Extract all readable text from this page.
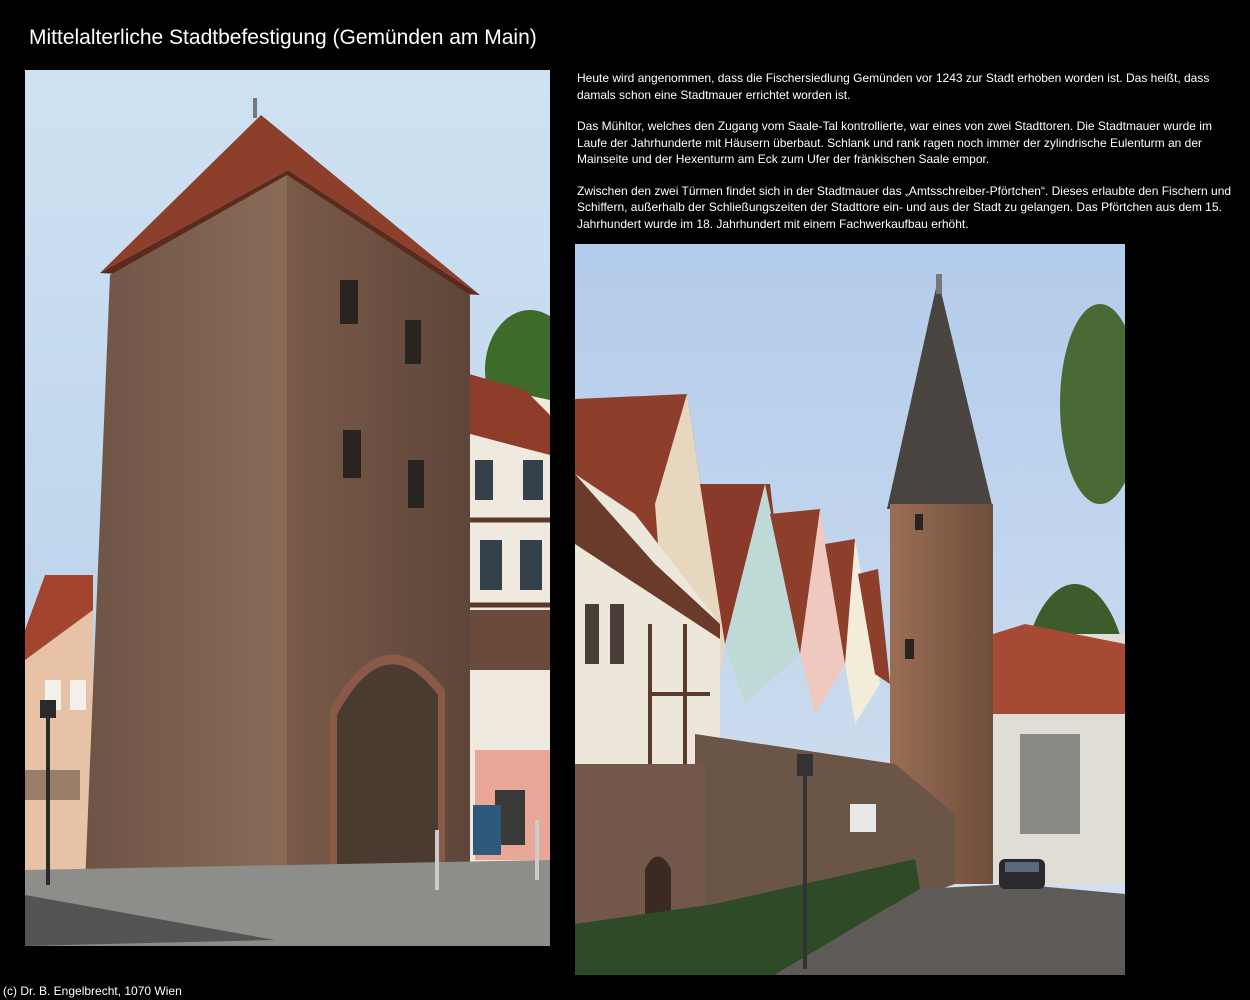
Mittelalterliche Stadtbefestigung (Gemünden am Main)

Heute wird angenommen, dass die Fischersiedlung Gemünden vor 1243 zur Stadt erhoben worden ist. Das heißt, dass damals schon eine Stadtmauer errichtet worden ist.

Das Mühltor, welches den Zugang vom Saale-Tal kontrollierte, war eines von zwei Stadttoren. Die Stadtmauer wurde im Laufe der Jahrhunderte mit Häusern überbaut. Schlank und rank ragen noch immer der zylindrische Eulenturm an der Mainseite und der Hexenturm am Eck zum Ufer der fränkischen Saale empor.

Zwischen den zwei Türmen findet sich in der Stadtmauer das „Amtsschreiber-Pförtchen“. Dieses erlaubte den Fischern und Schiffern, außerhalb der Schließungszeiten der Stadttore ein- und aus der Stadt zu gelangen. Das Pförtchen aus dem 15. Jahrhundert wurde im 18. Jahrhundert mit einem Fachwerkaufbau erhöht.

(c) Dr. B. Engelbrecht, 1070 Wien
